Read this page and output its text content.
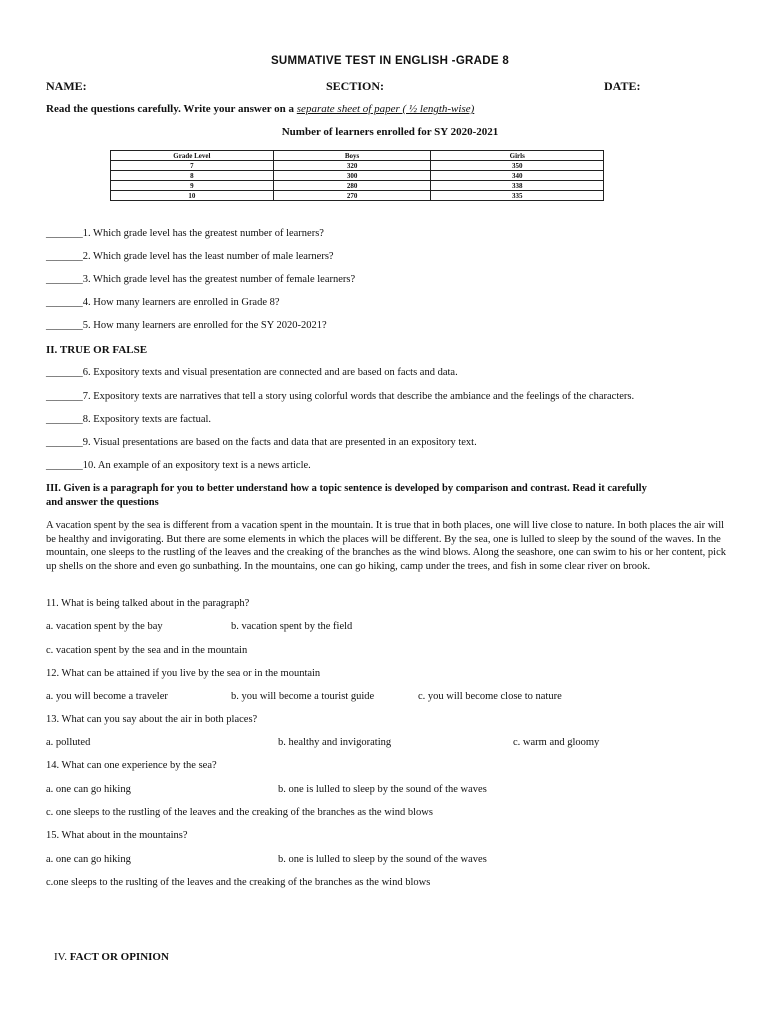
SUMMATIVE TEST IN ENGLISH -GRADE 8
NAME:	SECTION:	DATE:
Read the questions carefully. Write your answer on a separate sheet of paper ( ½ length-wise)
Number of learners enrolled for SY 2020-2021
Grade Level	Boys	Girls
7	320	350
8	300	340
9	280	338
10	270	335
_______1. Which grade level has the greatest number of learners?
_______2. Which grade level has the least number of male learners?
_______3. Which grade level has the greatest number of female learners?
_______4. How many learners are enrolled in Grade 8?
_______5. How many learners are enrolled for the SY 2020-2021?
II. TRUE OR FALSE
_______6. Expository texts and visual presentation are connected and are based on facts and data.
_______7. Expository texts are narratives that tell a story using colorful words that describe the ambiance and the feelings of the characters.
_______8. Expository texts are factual.
_______9. Visual presentations are based on the facts and data that are presented in an expository text.
_______10. An example of an expository text is a news article.
III. Given is a paragraph for you to better understand how a topic sentence is developed by comparison and contrast. Read it carefully
and answer the questions
A vacation spent by the sea is different from a vacation spent in the mountain. It is true that in both places, one will live close to nature. In both places the air will be healthy and invigorating. But there are some elements in which the places will be different. By the sea, one is lulled to sleep by the sound of the waves. In the mountain, one sleeps to the rustling of the leaves and the creaking of the branches as the wind blows. Along the seashore, one can swim to his or her content, pick up shells on the shore and even go sunbathing. In the mountains, one can go hiking, camp under the trees, and fish in some clear river on brook.
11. What is being talked about in the paragraph?
a. vacation spent by the bay	b. vacation spent by the field
c. vacation spent by the sea and in the mountain
12. What can be attained if you live by the sea or in the mountain
a. you will become a traveler	b. you will become a tourist guide	c. you will become close to nature
13. What can you say about the air in both places?
a. polluted	b. healthy and invigorating	c. warm and gloomy
14. What can one experience by the sea?
a. one can go hiking	b. one is lulled to sleep by the sound of the waves
c. one sleeps to the rustling of the leaves and the creaking of the branches as the wind blows
15. What about in the mountains?
a. one can go hiking	b. one is lulled to sleep by the sound of the waves
c.one sleeps to the ruslting of the leaves and the creaking of the branches as the wind blows
IV. FACT OR OPINION
